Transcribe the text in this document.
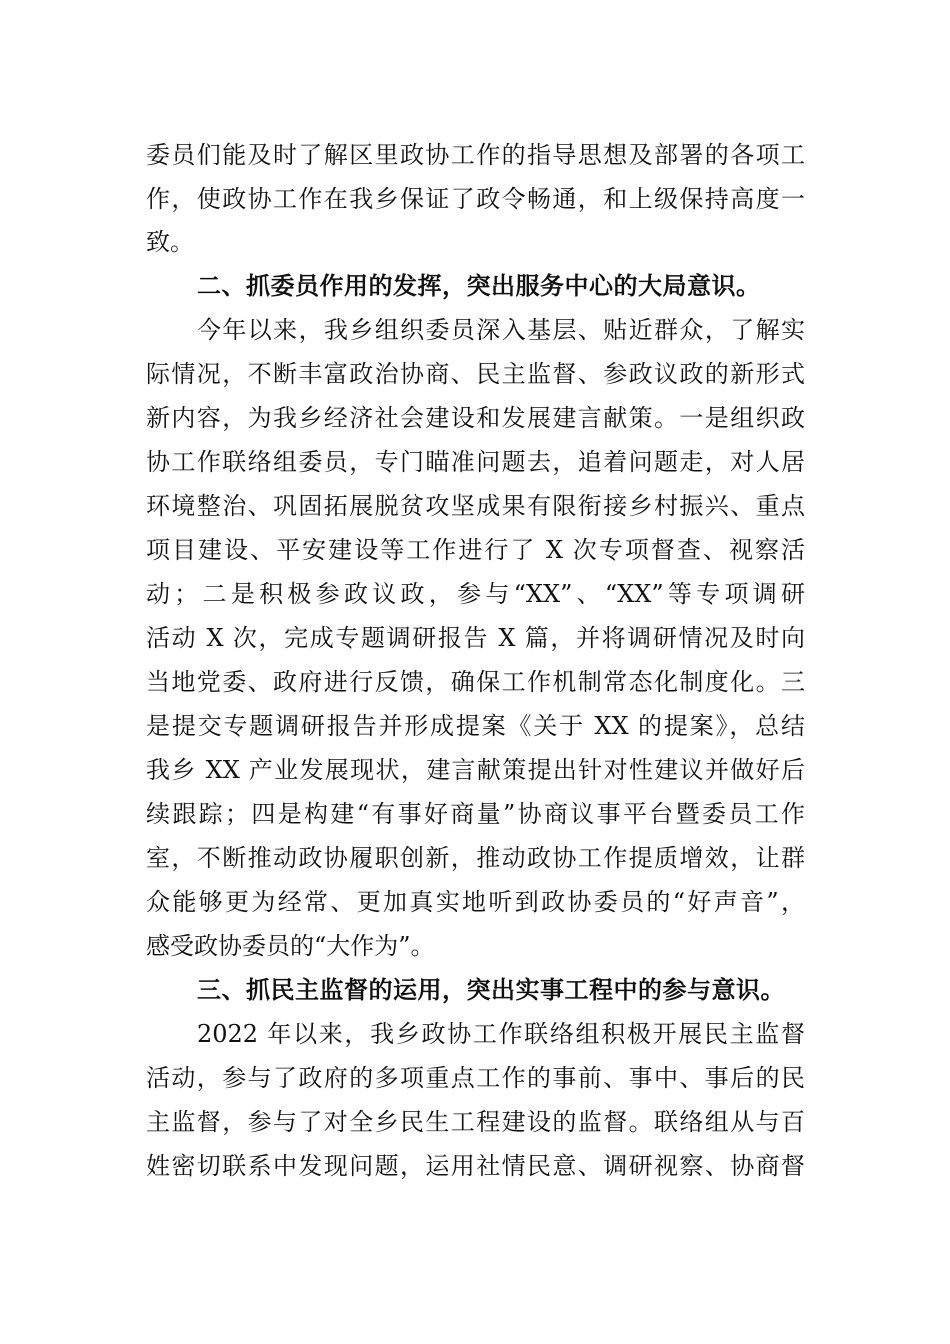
委员们能及时了解区里政协工作的指导思想及部署的各项工
作，使政协工作在我乡保证了政令畅通，和上级保持高度一
致。
二、抓委员作用的发挥，突出服务中心的大局意识。
今年以来，我乡组织委员深入基层、贴近群众，了解实
际情况，不断丰富政治协商、民主监督、参政议政的新形式
新内容，为我乡经济社会建设和发展建言献策。一是组织政
协工作联络组委员，专门瞄准问题去，追着问题走，对人居
环境整治、巩固拓展脱贫攻坚成果有限衔接乡村振兴、重点
项目建设、平安建设等工作进行了 X 次专项督查、视察活
动；二是积极参政议政，参与“XX”、“XX”等专项调研
活动 X 次，完成专题调研报告 X 篇，并将调研情况及时向
当地党委、政府进行反馈，确保工作机制常态化制度化。三
是提交专题调研报告并形成提案《关于 XX 的提案》，总结
我乡 XX 产业发展现状，建言献策提出针对性建议并做好后
续跟踪；四是构建“有事好商量”协商议事平台暨委员工作
室，不断推动政协履职创新，推动政协工作提质增效，让群
众能够更为经常、更加真实地听到政协委员的“好声音”，
感受政协委员的“大作为”。
三、抓民主监督的运用，突出实事工程中的参与意识。
2022 年以来，我乡政协工作联络组积极开展民主监督
活动，参与了政府的多项重点工作的事前、事中、事后的民
主监督，参与了对全乡民生工程建设的监督。联络组从与百
姓密切联系中发现问题，运用社情民意、调研视察、协商督
